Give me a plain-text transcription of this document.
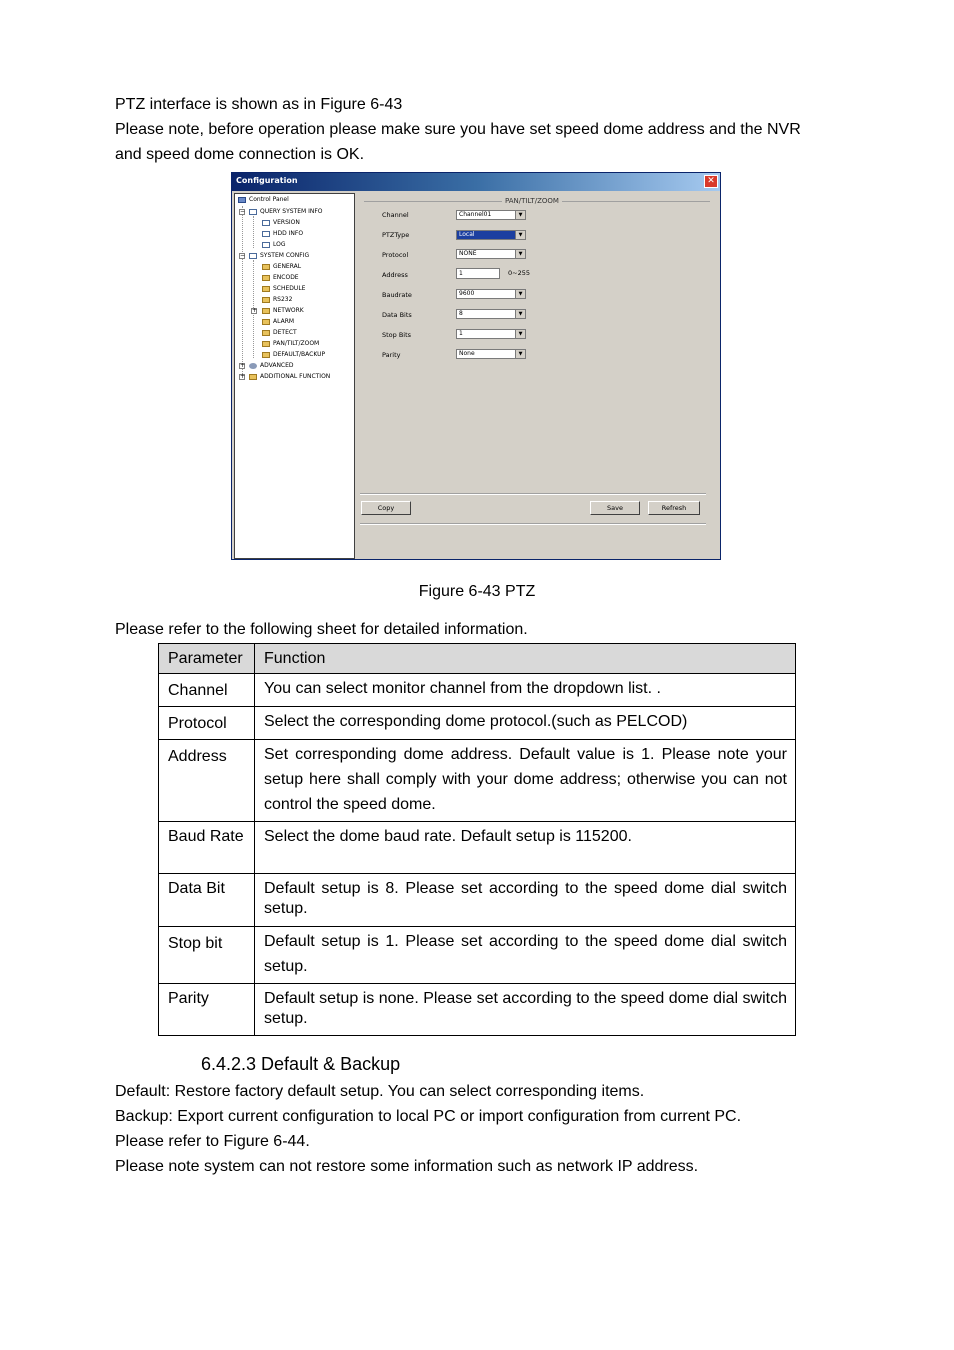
PTZ interface is shown as in Figure 6-43

Please note, before operation please make sure you have set speed dome address and the NVR

and speed dome connection is OK.

Configuration	✕
Control Panel
−	QUERY SYSTEM INFO
VERSION
HDD INFO
LOG
−	SYSTEM CONFIG
GENERAL
ENCODE
SCHEDULE
RS232
+	NETWORK
ALARM
DETECT
PAN/TILT/ZOOM
DEFAULT/BACKUP
+	ADVANCED
+	ADDITIONAL FUNCTION
PAN/TILT/ZOOM
Channel	Channel01	▼
PTZType	Local	▼
Protocol	NONE	▼
Address	1	0~255
Baudrate	9600	▼
Data Bits	8	▼
Stop Bits	1	▼
Parity	None	▼
Copy	Save	Refresh
Figure 6-43 PTZ

Please refer to the following sheet for detailed information.

Parameter	Function
Channel	You can select monitor channel from the dropdown list. .
Protocol	Select the corresponding dome protocol.(such as PELCOD)
Address	Set corresponding dome address. Default value is 1. Please note your setup here shall comply with your dome address; otherwise you can not control the speed dome.
Baud Rate	Select the dome baud rate. Default setup is 115200.
Data Bit	Default setup is 8. Please set according to the speed dome dial switch setup.
Stop bit	Default setup is 1. Please set according to the speed dome dial switch setup.
Parity	Default setup is none. Please set according to the speed dome dial switch setup.
6.4.2.3 Default & Backup

Default: Restore factory default setup. You can select corresponding items.

Backup: Export current configuration to local PC or import configuration from current PC.

Please refer to Figure 6-44.

Please note system can not restore some information such as network IP address.
